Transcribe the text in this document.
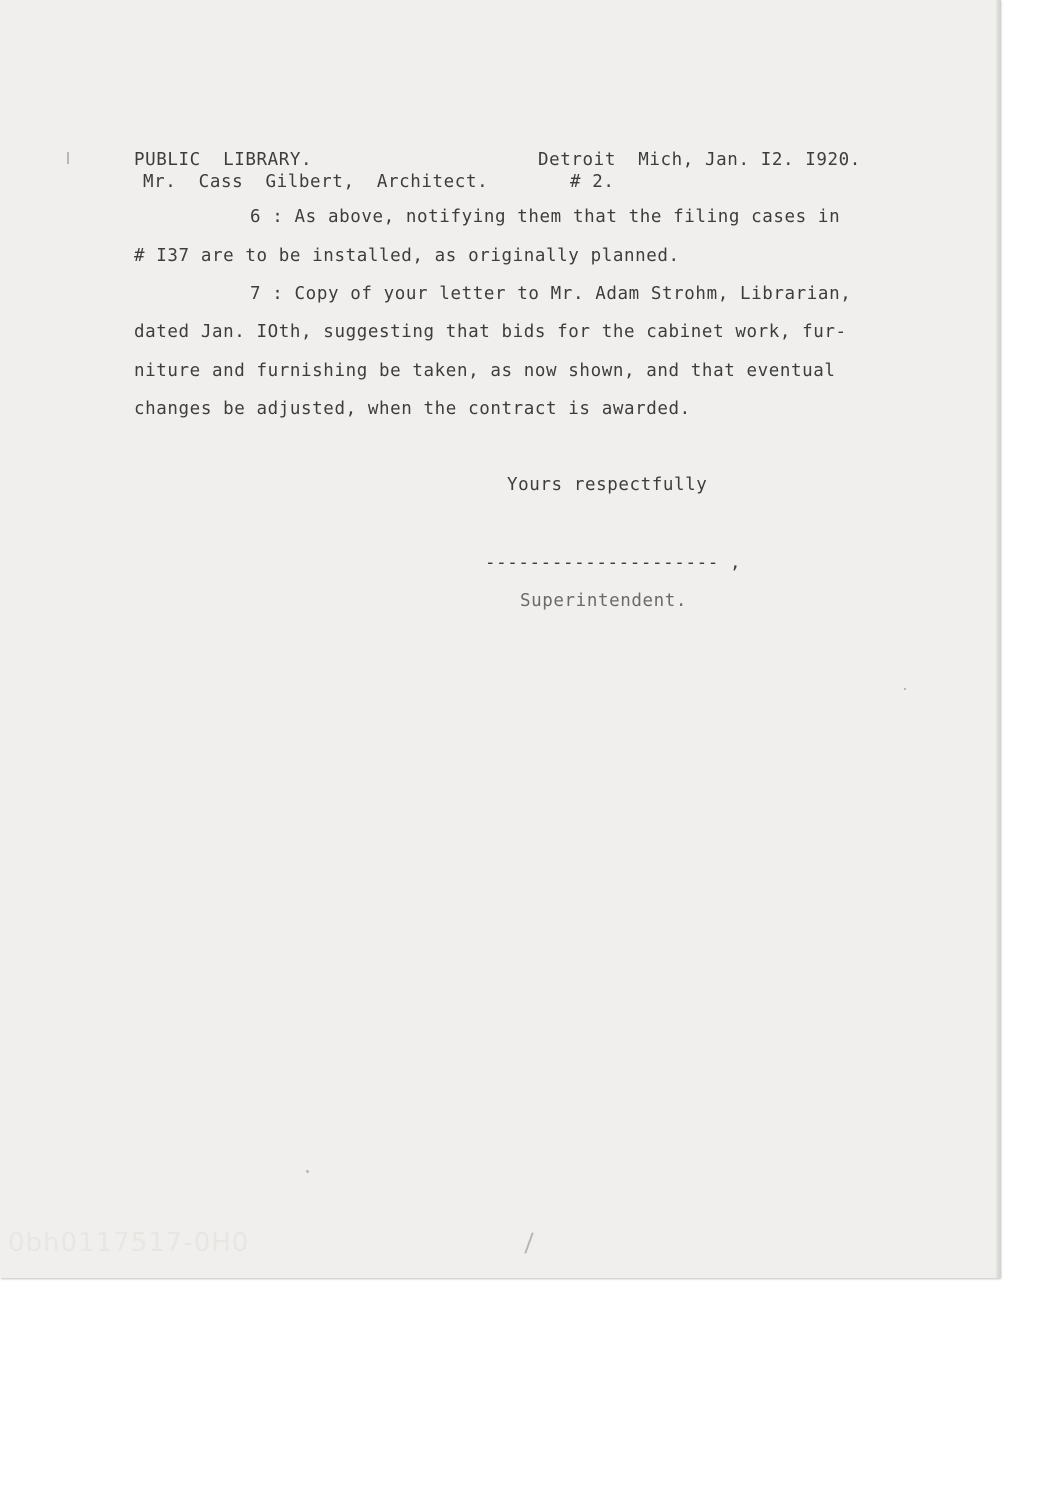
PUBLIC  LIBRARY.	Detroit  Mich, Jan. I2. I920.
Mr.  Cass  Gilbert,  Architect.	# 2.
6 : As above, notifying them that the filing cases in
# I37 are to be installed, as originally planned.
7 : Copy of your letter to Mr. Adam Strohm, Librarian,
dated Jan. IOth, suggesting that bids for the cabinet work, fur-
niture and furnishing be taken, as now shown, and that eventual
changes be adjusted, when the contract is awarded.
Yours respectfully
--------------------- ,
Superintendent.
0bh0117517-0H0
